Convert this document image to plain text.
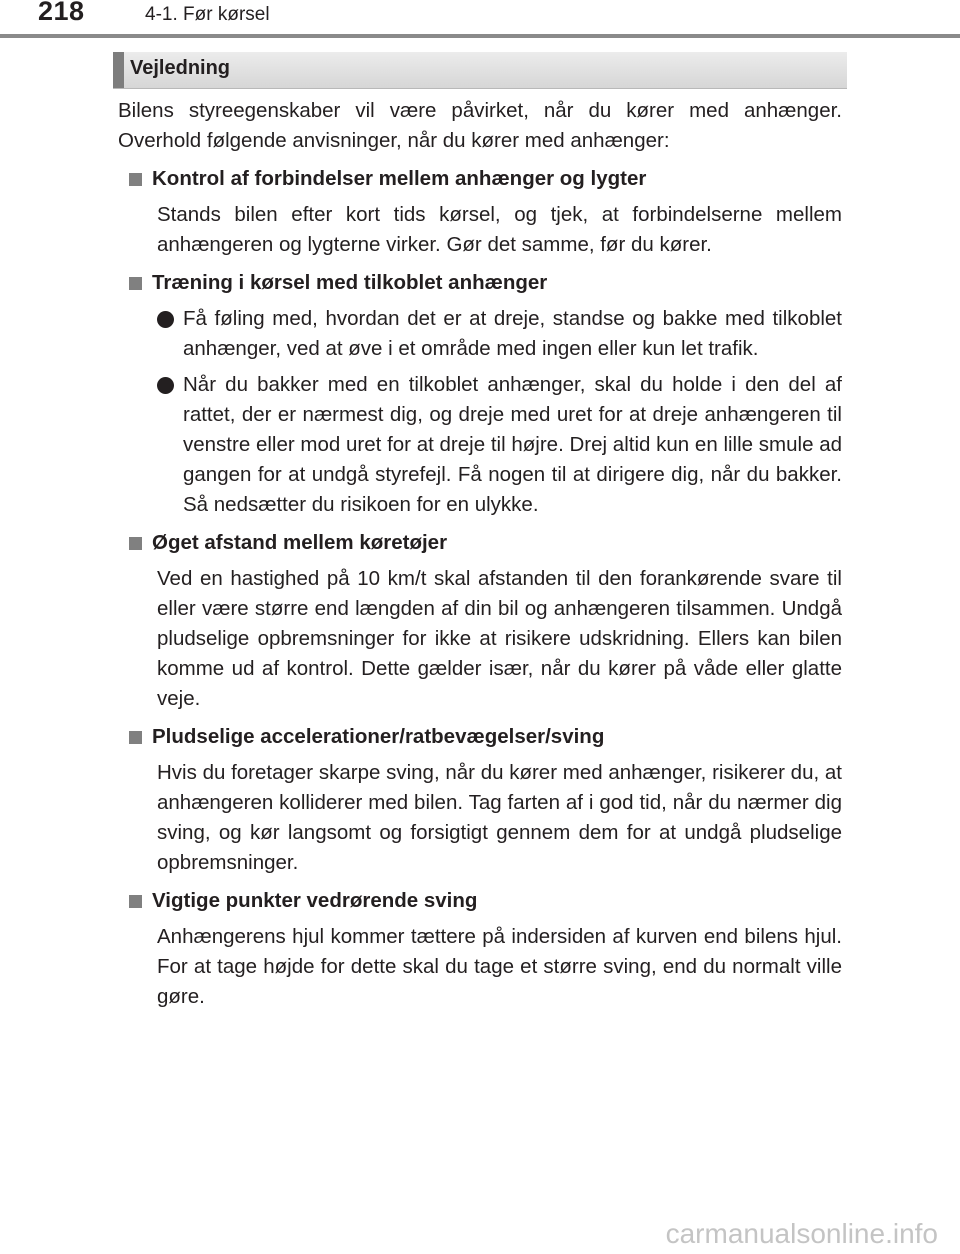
218	4-1. Før kørsel
Vejledning

Bilens styreegenskaber vil være påvirket, når du kører med anhænger. Overhold følgende anvisninger, når du kører med anhænger:

Kontrol af forbindelser mellem anhænger og lygter

Stands bilen efter kort tids kørsel, og tjek, at forbindelserne mellem anhængeren og lygterne virker. Gør det samme, før du kører.

Træning i kørsel med tilkoblet anhænger

Få føling med, hvordan det er at dreje, standse og bakke med tilkoblet anhænger, ved at øve i et område med ingen eller kun let trafik.

Når du bakker med en tilkoblet anhænger, skal du holde i den del af rattet, der er nærmest dig, og dreje med uret for at dreje anhængeren til venstre eller mod uret for at dreje til højre. Drej altid kun en lille smule ad gangen for at undgå styrefejl. Få nogen til at dirigere dig, når du bakker. Så nedsætter du risikoen for en ulykke.

Øget afstand mellem køretøjer

Ved en hastighed på 10 km/t skal afstanden til den forankørende svare til eller være større end længden af din bil og anhængeren tilsammen. Undgå pludselige opbremsninger for ikke at risikere udskridning. Ellers kan bilen komme ud af kontrol. Dette gælder især, når du kører på våde eller glatte veje.

Pludselige accelerationer/ratbevægelser/sving

Hvis du foretager skarpe sving, når du kører med anhænger, risikerer du, at anhængeren kolliderer med bilen. Tag farten af i god tid, når du nærmer dig sving, og kør langsomt og forsigtigt gennem dem for at undgå pludselige opbremsninger.

Vigtige punkter vedrørende sving

Anhængerens hjul kommer tættere på indersiden af kurven end bilens hjul. For at tage højde for dette skal du tage et større sving, end du normalt ville gøre.

carmanualsonline.info
